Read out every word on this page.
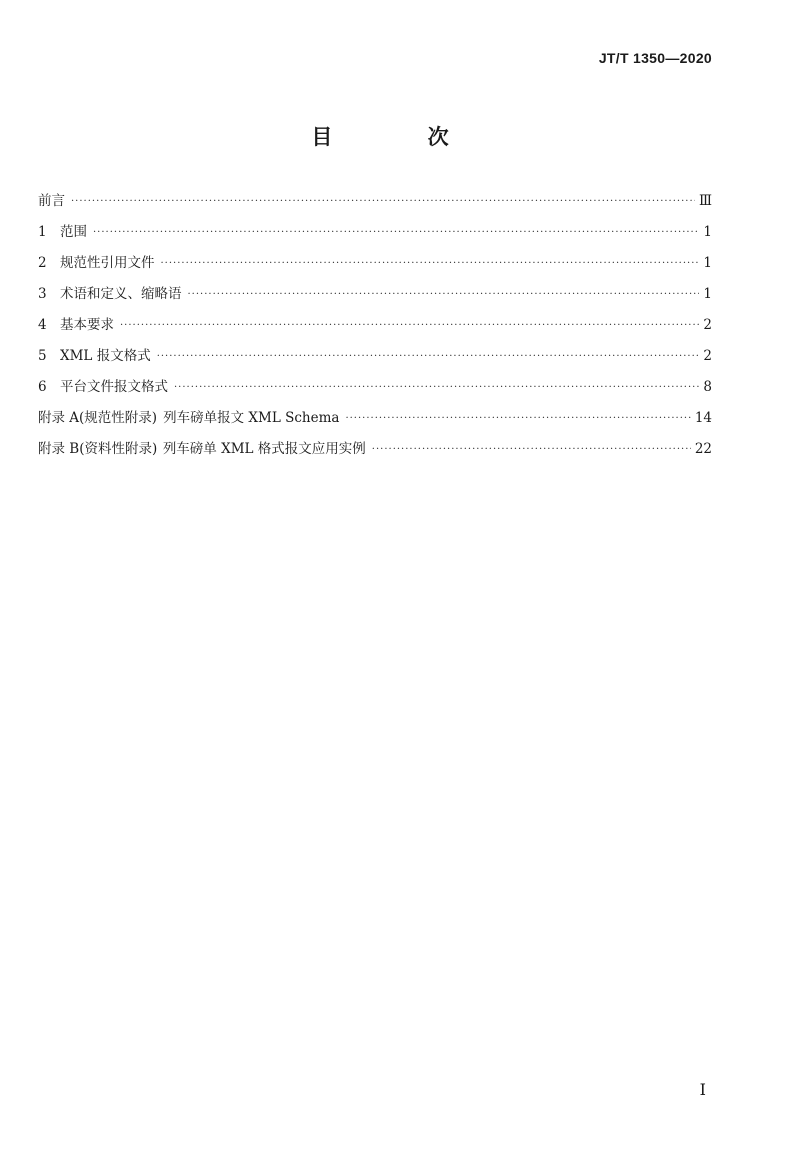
JT/T 1350—2020
目 次
前言 ·····	Ⅲ
1 范围 ·····	1
2 规范性引用文件 ·····	1
3 术语和定义、缩略语 ·····	1
4 基本要求 ·····	2
5 XML 报文格式 ·····	2
6 平台文件报文格式 ·····	8
附录 A(规范性附录) 列车磅单报文 XML Schema ·····	14
附录 B(资料性附录) 列车磅单 XML 格式报文应用实例 ·····	22
I
